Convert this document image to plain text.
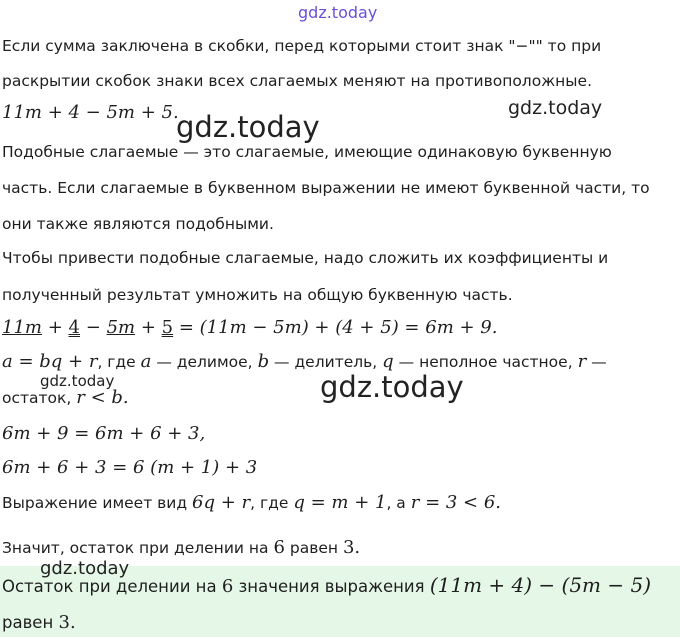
gdz.today
Если сумма заключена в скобки, перед которыми стоит знак "−"" то при
раскрытии скобок знаки всех слагаемых меняют на противоположные.
11m + 4 − 5m + 5.	gdz.today
gdz.today
Подобные слагаемые — это слагаемые, имеющие одинаковую буквенную
часть. Если слагаемые в буквенном выражении не имеют буквенной части, то
они также являются подобными.
Чтобы привести подобные слагаемые, надо сложить их коэффициенты и
полученный результат умножить на общую буквенную часть.
11m + 4 − 5m + 5 = (11m − 5m) + (4 + 5) = 6m + 9.
a = bq + r, где a — делимое, b — делитель, q — неполное частное, r —
gdz.today
остаток, r < b.	gdz.today
6m + 9 = 6m + 6 + 3,
6m + 6 + 3 = 6 (m + 1) + 3
Выражение имеет вид 6q + r, где q = m + 1, а r = 3 < 6.
Значит, остаток при делении на 6 равен 3.
gdz.today
Остаток при делении на 6 значения выражения (11m + 4) − (5m − 5)
равен 3.
